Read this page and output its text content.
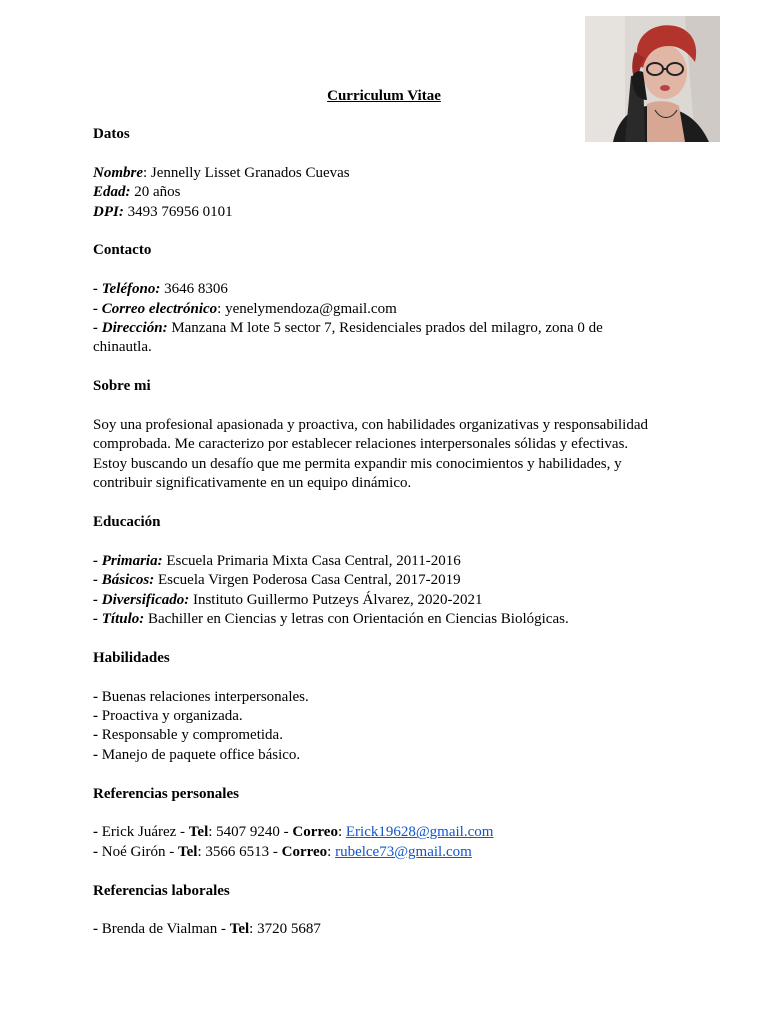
Curriculum Vitae

Datos

Nombre: Jennelly Lisset Granados Cuevas

Edad: 20 años

DPI: 3493 76956 0101

Contacto

- Teléfono: 3646 8306

- Correo electrónico: yenelymendoza@gmail.com

- Dirección: Manzana M lote 5 sector 7, Residenciales prados del milagro, zona 0 de

chinautla.

Sobre mi

Soy una profesional apasionada y proactiva, con habilidades organizativas y responsabilidad

comprobada. Me caracterizo por establecer relaciones interpersonales sólidas y efectivas.

Estoy buscando un desafío que me permita expandir mis conocimientos y habilidades, y

contribuir significativamente en un equipo dinámico.

Educación

- Primaria: Escuela Primaria Mixta Casa Central, 2011-2016

- Básicos: Escuela Virgen Poderosa Casa Central, 2017-2019

- Diversificado: Instituto Guillermo Putzeys Álvarez, 2020-2021

- Título: Bachiller en Ciencias y letras con Orientación en Ciencias Biológicas.

Habilidades

- Buenas relaciones interpersonales.

- Proactiva y organizada.

- Responsable y comprometida.

- Manejo de paquete office básico.

Referencias personales

- Erick Juárez - Tel: 5407 9240 - Correo: Erick19628@gmail.com

- Noé Girón - Tel: 3566 6513 - Correo: rubelce73@gmail.com

Referencias laborales

- Brenda de Vialman - Tel: 3720 5687
